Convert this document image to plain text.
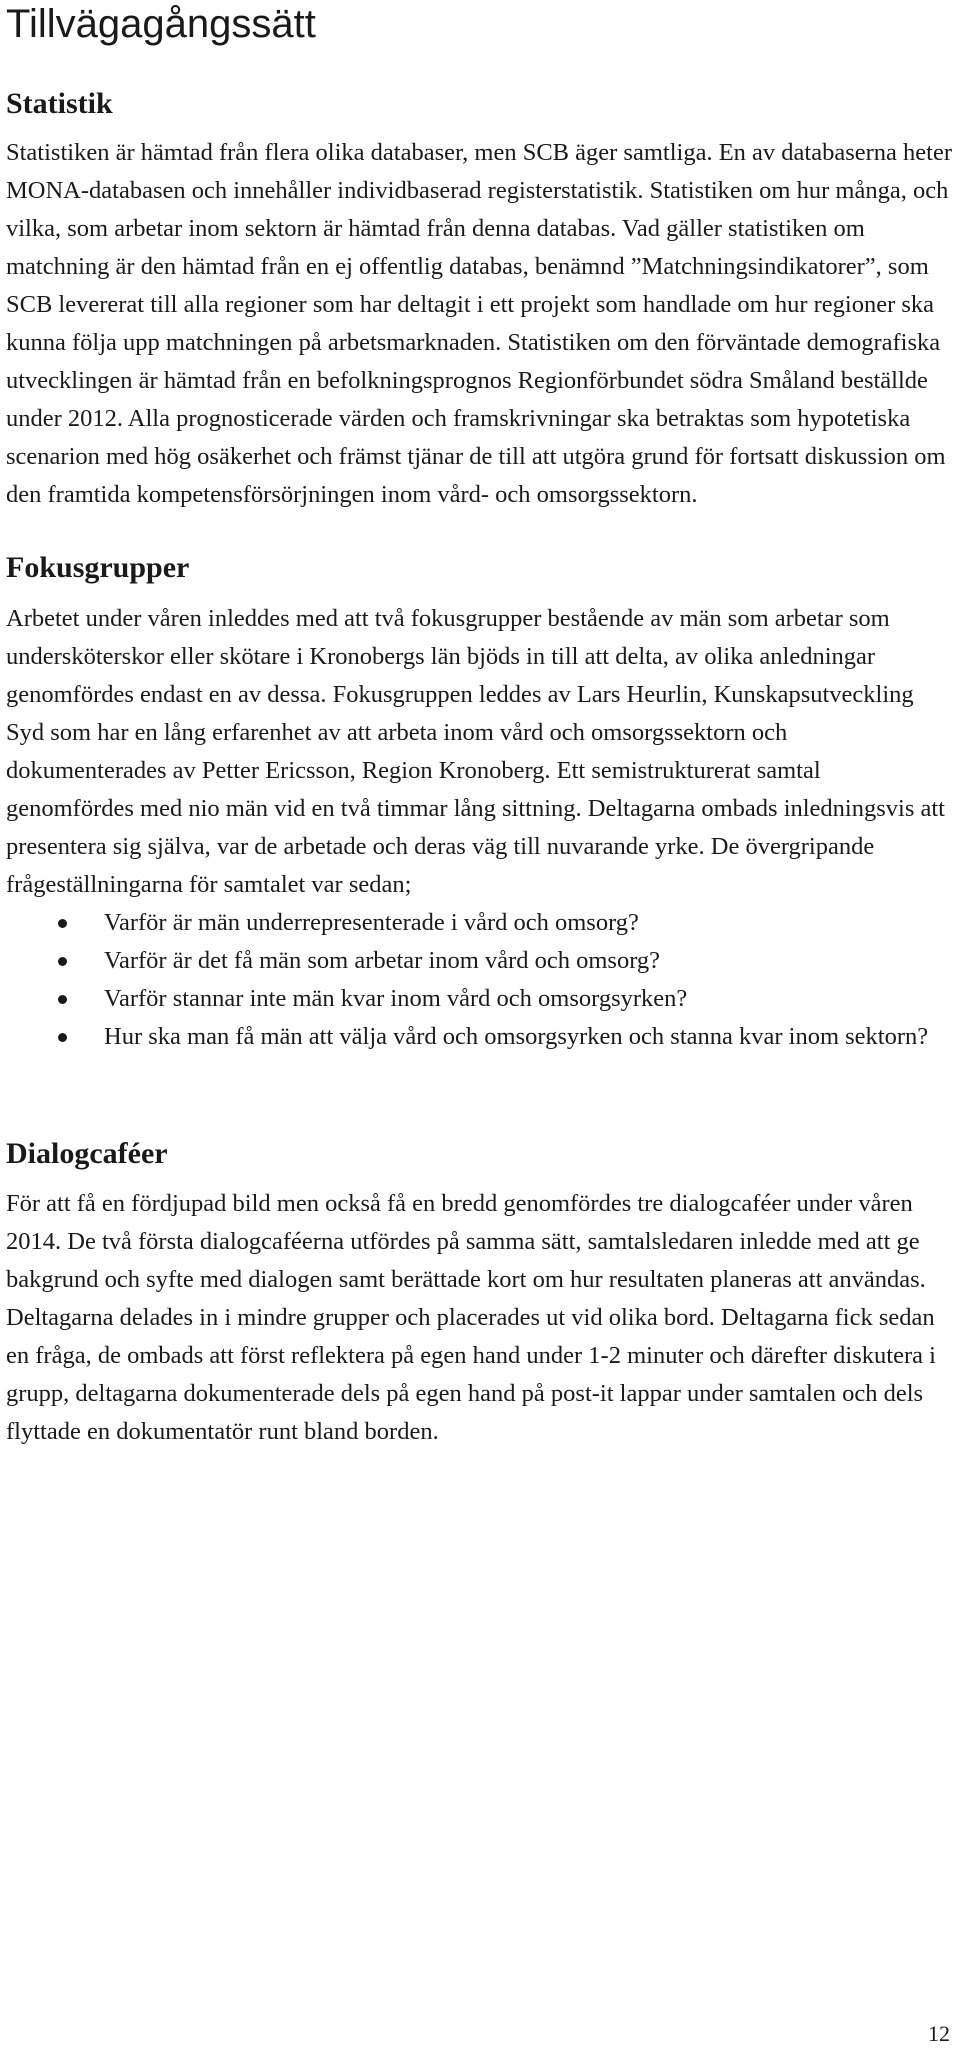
Tillvägagångssätt
Statistik

Statistiken är hämtad från flera olika databaser, men SCB äger samtliga. En av databaserna heter MONA-databasen och innehåller individbaserad registerstatistik. Statistiken om hur många, och vilka, som arbetar inom sektorn är hämtad från denna databas. Vad gäller statistiken om matchning är den hämtad från en ej offentlig databas, benämnd ”Matchningsindikatorer”, som SCB levererat till alla regioner som har deltagit i ett projekt som handlade om hur regioner ska kunna följa upp matchningen på arbetsmarknaden. Statistiken om den förväntade demografiska utvecklingen är hämtad från en befolkningsprognos Regionförbundet södra Småland beställde under 2012. Alla prognosticerade värden och framskrivningar ska betraktas som hypotetiska scenarion med hög osäkerhet och främst tjänar de till att utgöra grund för fortsatt diskussion om den framtida kompetensförsörjningen inom vård- och omsorgssektorn.

Fokusgrupper

Arbetet under våren inleddes med att två fokusgrupper bestående av män som arbetar som undersköterskor eller skötare i Kronobergs län bjöds in till att delta, av olika anledningar genomfördes endast en av dessa. Fokusgruppen leddes av Lars Heurlin, Kunskapsutveckling Syd som har en lång erfarenhet av att arbeta inom vård och omsorgssektorn och dokumenterades av Petter Ericsson, Region Kronoberg. Ett semistrukturerat samtal genomfördes med nio män vid en två timmar lång sittning. Deltagarna ombads inledningsvis att presentera sig själva, var de arbetade och deras väg till nuvarande yrke. De övergripande frågeställningarna för samtalet var sedan;

Varför är män underrepresenterade i vård och omsorg?
Varför är det få män som arbetar inom vård och omsorg?
Varför stannar inte män kvar inom vård och omsorgsyrken?
Hur ska man få män att välja vård och omsorgsyrken och stanna kvar inom sektorn?
Dialogcaféer

För att få en fördjupad bild men också få en bredd genomfördes tre dialogcaféer under våren 2014. De två första dialogcaféerna utfördes på samma sätt, samtalsledaren inledde med att ge bakgrund och syfte med dialogen samt berättade kort om hur resultaten planeras att användas. Deltagarna delades in i mindre grupper och placerades ut vid olika bord. Deltagarna fick sedan en fråga, de ombads att först reflektera på egen hand under 1-2 minuter och därefter diskutera i grupp, deltagarna dokumenterade dels på egen hand på post-it lappar under samtalen och dels flyttade en dokumentatör runt bland borden.

12
